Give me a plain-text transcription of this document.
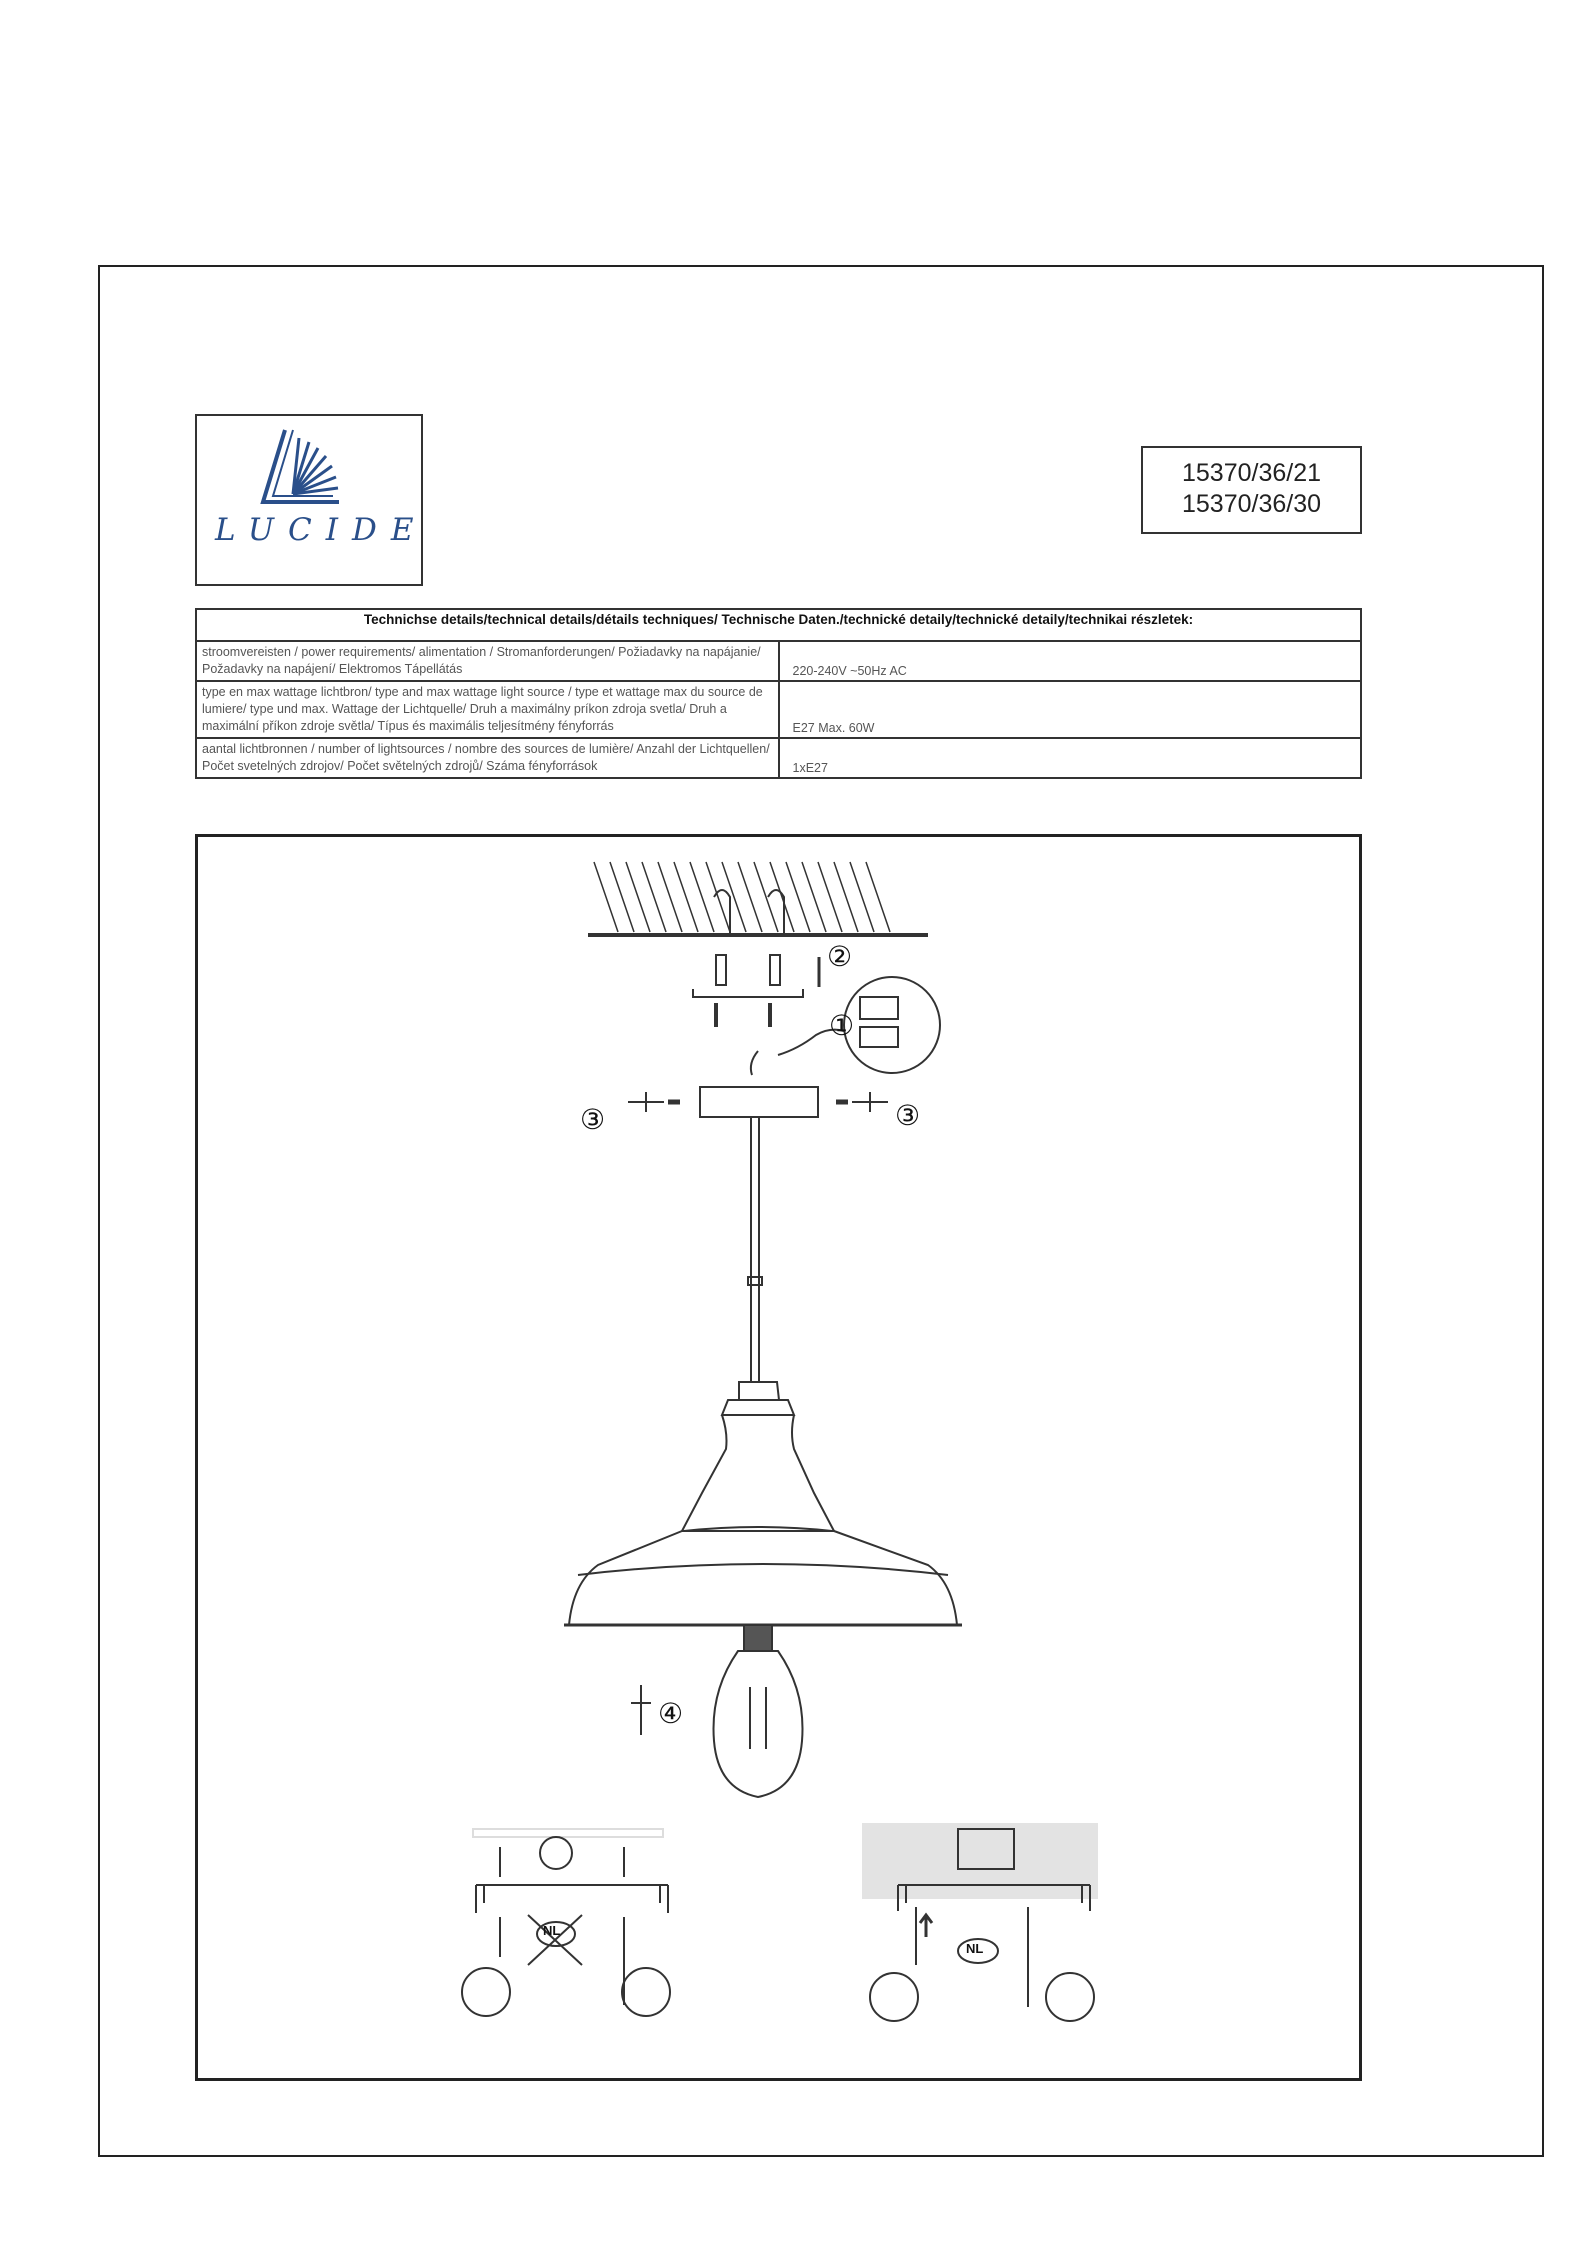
LUCIDE
15370/36/21
15370/36/30
Technichse details/technical details/détails techniques/ Technische Daten./technické detaily/technické detaily/technikai részletek:	
stroomvereisten / power requirements/ alimentation / Stromanforderungen/ Požiadavky na napájanie/ Požadavky na napájení/ Elektromos Tápellátás	220-240V ~50Hz AC
type en max wattage lichtbron/ type and max wattage light source / type et wattage max du source de lumiere/ type und max. Wattage der Lichtquelle/ Druh a maximálny príkon zdroja svetla/ Druh a maximální příkon zdroje světla/ Típus és maximális teljesítmény fényforrás	E27 Max. 60W
aantal lichtbronnen / number of lightsources / nombre des sources de lumière/ Anzahl der Lichtquellen/ Počet svetelných zdrojov/ Počet světelných zdrojů/ Száma fényforrások	1xE27
①
②
③	③
④
NL
NL
